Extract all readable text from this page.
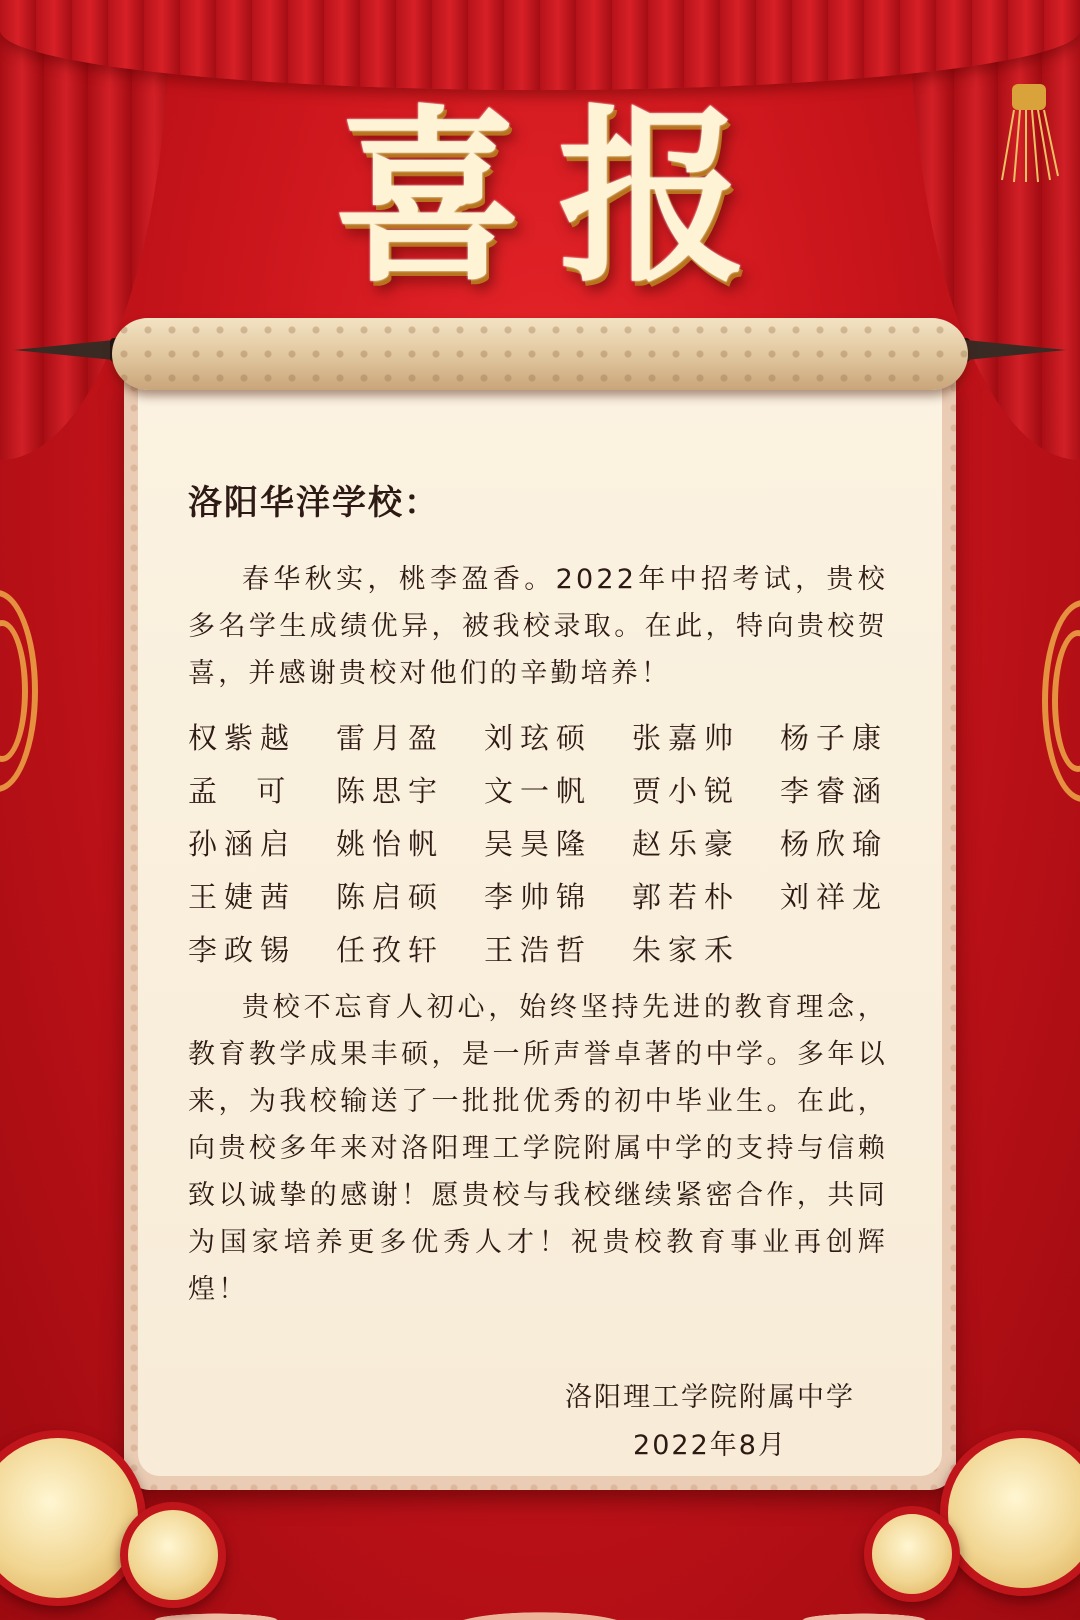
喜 报
洛阳华洋学校：

春华秋实，桃李盈香。2022年中招考试，贵校多名学生成绩优异，被我校录取。在此，特向贵校贺喜，并感谢贵校对他们的辛勤培养！

权紫越	雷月盈	刘玹硕	张嘉帅	杨子康
孟  可	陈思宇	文一帆	贾小锐	李睿涵
孙涵启	姚怡帆	吴昊隆	赵乐豪	杨欣瑜
王婕茜	陈启硕	李帅锦	郭若朴	刘祥龙
李政锡	任孜轩	王浩哲	朱家禾

贵校不忘育人初心，始终坚持先进的教育理念，教育教学成果丰硕，是一所声誉卓著的中学。多年以来，为我校输送了一批批优秀的初中毕业生。在此，向贵校多年来对洛阳理工学院附属中学的支持与信赖致以诚挚的感谢！愿贵校与我校继续紧密合作，共同为国家培养更多优秀人才！祝贵校教育事业再创辉煌！

洛阳理工学院附属中学
2022年8月
